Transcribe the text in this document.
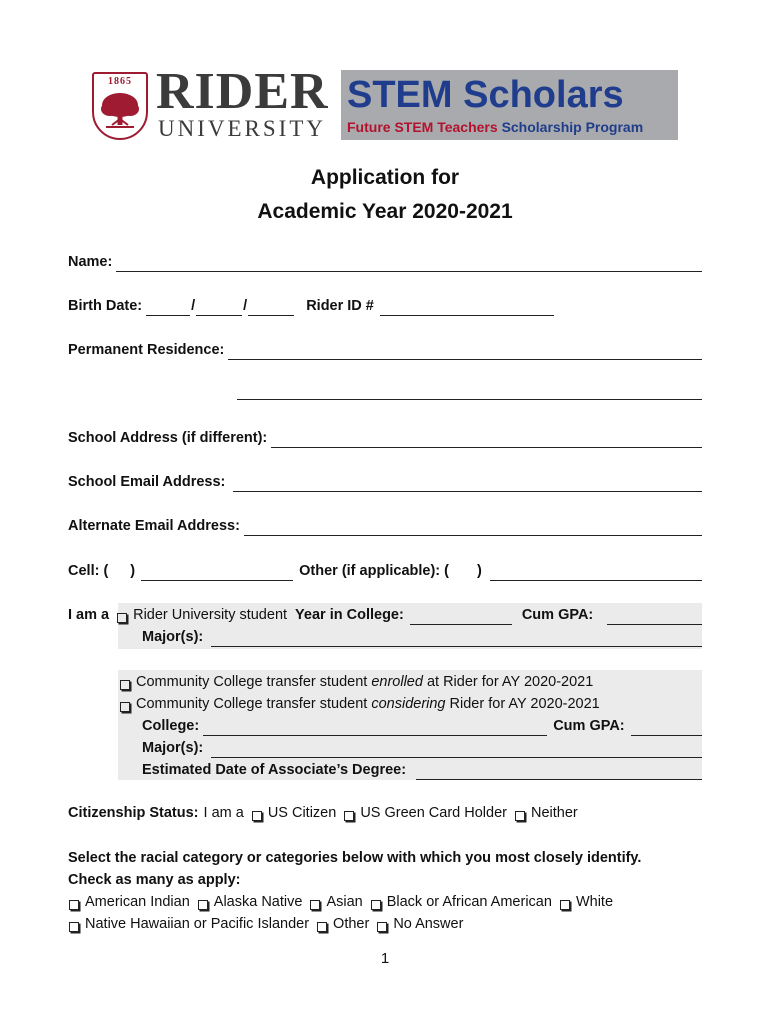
1865 RIDER
UNIVERSITY
STEM Scholars
Future STEM Teachers Scholarship Program
Application for
Academic Year 2020-2021
Name:
Birth Date:	/	/	Rider ID #
Permanent Residence:
School Address (if different):
School Email Address:
Alternate Email Address:
Cell: ( )	Other (if applicable): ( )
I am a Rider University student Year in College:	Cum GPA:
Major(s):
Community College transfer student
enrolled
at Rider for AY 2020-2021
Community College transfer student
considering
Rider for AY 2020-2021
College:	Cum GPA:
Major(s):
Estimated Date of Associate’s Degree:
Citizenship Status: I am a US Citizen US Green Card Holder Neither
Select the racial category or categories below with which you most closely identify.
Check as many as apply:
American Indian Alaska Native Asian Black or African American White
Native Hawaiian or Pacific Islander Other No Answer
1
